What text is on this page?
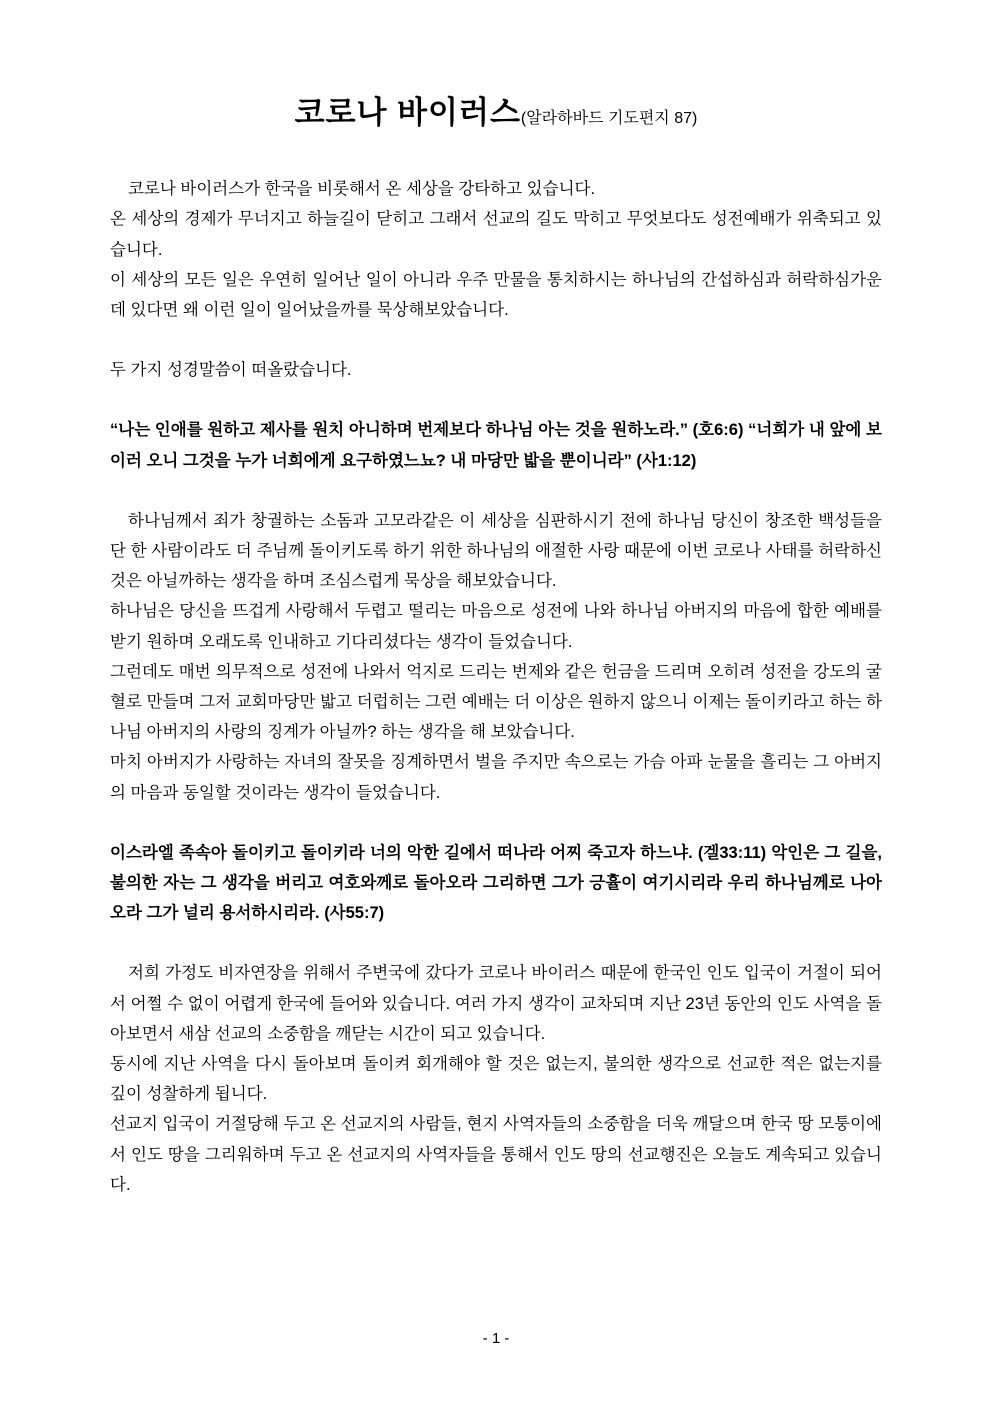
코로나 바이러스(알라하바드 기도편지 87)

코로나 바이러스가 한국을 비롯해서 온 세상을 강타하고 있습니다.

온 세상의 경제가 무너지고 하늘길이 닫히고 그래서 선교의 길도 막히고 무엇보다도 성전예배가 위축되고 있습니다.

이 세상의 모든 일은 우연히 일어난 일이 아니라 우주 만물을 통치하시는 하나님의 간섭하심과 허락하심가운데 있다면 왜 이런 일이 일어났을까를 묵상해보았습니다.

두 가지 성경말씀이 떠올랐습니다.

“나는 인애를 원하고 제사를 원치 아니하며 번제보다 하나님 아는 것을 원하노라.” (호6:6) “너희가 내 앞에 보이러 오니 그것을 누가 너희에게 요구하였느뇨? 내 마당만 밟을 뿐이니라” (사1:12)

하나님께서 죄가 창궐하는 소돔과 고모라같은 이 세상을 심판하시기 전에 하나님 당신이 창조한 백성들을 단 한 사람이라도 더 주님께 돌이키도록 하기 위한 하나님의 애절한 사랑 때문에 이번 코로나 사태를 허락하신 것은 아닐까하는 생각을 하며 조심스럽게 묵상을 해보았습니다.

하나님은 당신을 뜨겁게 사랑해서 두렵고 떨리는 마음으로 성전에 나와 하나님 아버지의 마음에 합한 예배를 받기 원하며 오래도록 인내하고 기다리셨다는 생각이 들었습니다.

그런데도 매번 의무적으로 성전에 나와서 억지로 드리는 번제와 같은 헌금을 드리며 오히려 성전을 강도의 굴혈로 만들며 그저 교회마당만 밟고 더럽히는 그런 예배는 더 이상은 원하지 않으니 이제는 돌이키라고 하는 하나님 아버지의 사랑의 징계가 아닐까? 하는 생각을 해 보았습니다.

마치 아버지가 사랑하는 자녀의 잘못을 징계하면서 벌을 주지만 속으로는 가슴 아파 눈물을 흘리는 그 아버지의 마음과 동일할 것이라는 생각이 들었습니다.

이스라엘 족속아 돌이키고 돌이키라 너의 악한 길에서 떠나라 어찌 죽고자 하느냐. (겔33:11) 악인은 그 길을, 불의한 자는 그 생각을 버리고 여호와께로 돌아오라 그리하면 그가 긍휼이 여기시리라 우리 하나님께로 나아오라 그가 널리 용서하시리라. (사55:7)

저희 가정도 비자연장을 위해서 주변국에 갔다가 코로나 바이러스 때문에 한국인 인도 입국이 거절이 되어서 어쩔 수 없이 어렵게 한국에 들어와 있습니다. 여러 가지 생각이 교차되며 지난 23년 동안의 인도 사역을 돌아보면서 새삼 선교의 소중함을 깨닫는 시간이 되고 있습니다.

동시에 지난 사역을 다시 돌아보며 돌이켜 회개해야 할 것은 없는지, 불의한 생각으로 선교한 적은 없는지를 깊이 성찰하게 됩니다.

선교지 입국이 거절당해 두고 온 선교지의 사람들, 현지 사역자들의 소중함을 더욱 깨달으며 한국 땅 모퉁이에서 인도 땅을 그리워하며 두고 온 선교지의 사역자들을 통해서 인도 땅의 선교행진은 오늘도 계속되고 있습니다.

- 1 -
